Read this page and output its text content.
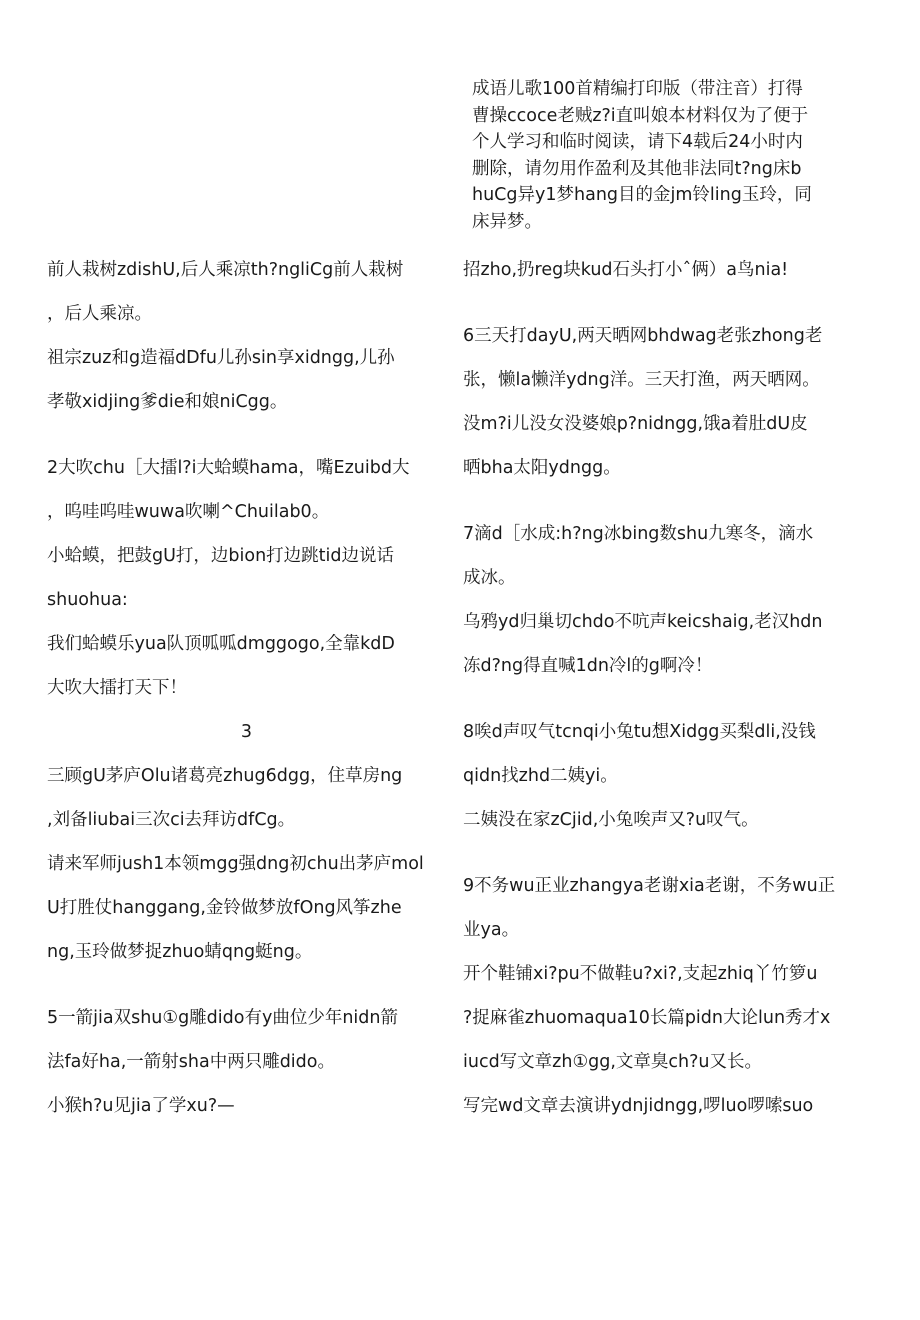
成语儿歌100首精编打印版（带注音）打得
曹操ccoce老贼z?i直叫娘本材料仅为了便于
个人学习和临时阅读，请下4载后24小时内
删除，请勿用作盈利及其他非法同t?ng床b
huCg异y1梦hang目的金jm铃ling玉玲，同
床异梦。
前人栽树zdishU,后人乘凉th?ngliCg前人栽树
，后人乘凉。
祖宗zuz和g造福dDfu儿孙sin享xidngg,儿孙
孝敬xidjing爹die和娘niCgg。
2大吹chu［大擂l?i大蛤蟆hama，嘴Ezuibd大
，呜哇呜哇wuwa吹喇^Chuilab0。
小蛤蟆，把鼓gU打，边bion打边跳tid边说话
shuohua:
我们蛤蟆乐yua队顶呱呱dmggogo,全靠kdD
大吹大擂打天下！
3
三顾gU茅庐Olu诸葛亮zhug6dgg，住草房ng
,刘备liubai三次ci去拜访dfCg。
请来军师jush1本领mgg强dng初chu出茅庐mol
U打胜仗hanggang,金铃做梦放fOng风筝zhe
ng,玉玲做梦捉zhuo蜻qng蜓ng。
5一箭jia双shu①g雕dido有y曲位少年nidn箭
法fa好ha,一箭射sha中两只雕dido。
小猴h?u见jia了学xu?—
招zho,扔reg块kud石头打小ˆ俩）a鸟nia!
6三天打dayU,两天晒网bhdwag老张zhong老
张，懒la懒洋ydng洋。三天打渔，两天晒网。
没m?i儿没女没婆娘p?nidngg,饿a着肚dU皮
晒bha太阳ydngg。
7滴d［水成:h?ng冰bing数shu九寒冬，滴水
成冰。
乌鸦yd归巢切chdo不吭声keicshaig,老汉hdn
冻d?ng得直喊1dn冷l的g啊冷！
8唉d声叹气tcnqi小兔tu想Xidgg买梨dli,没钱
qidn找zhd二姨yi。
二姨没在家zCjid,小兔唉声又?u叹气。
9不务wu正业zhangya老谢xia老谢，不务wu正
业ya。
开个鞋铺xi?pu不做鞋u?xi?,支起zhiq丫竹箩u
?捉麻雀zhuomaqua10长篇pidn大论lun秀才x
iucd写文章zh①gg,文章臭ch?u又长。
写完wd文章去演讲ydnjidngg,啰luo啰嗦suo
